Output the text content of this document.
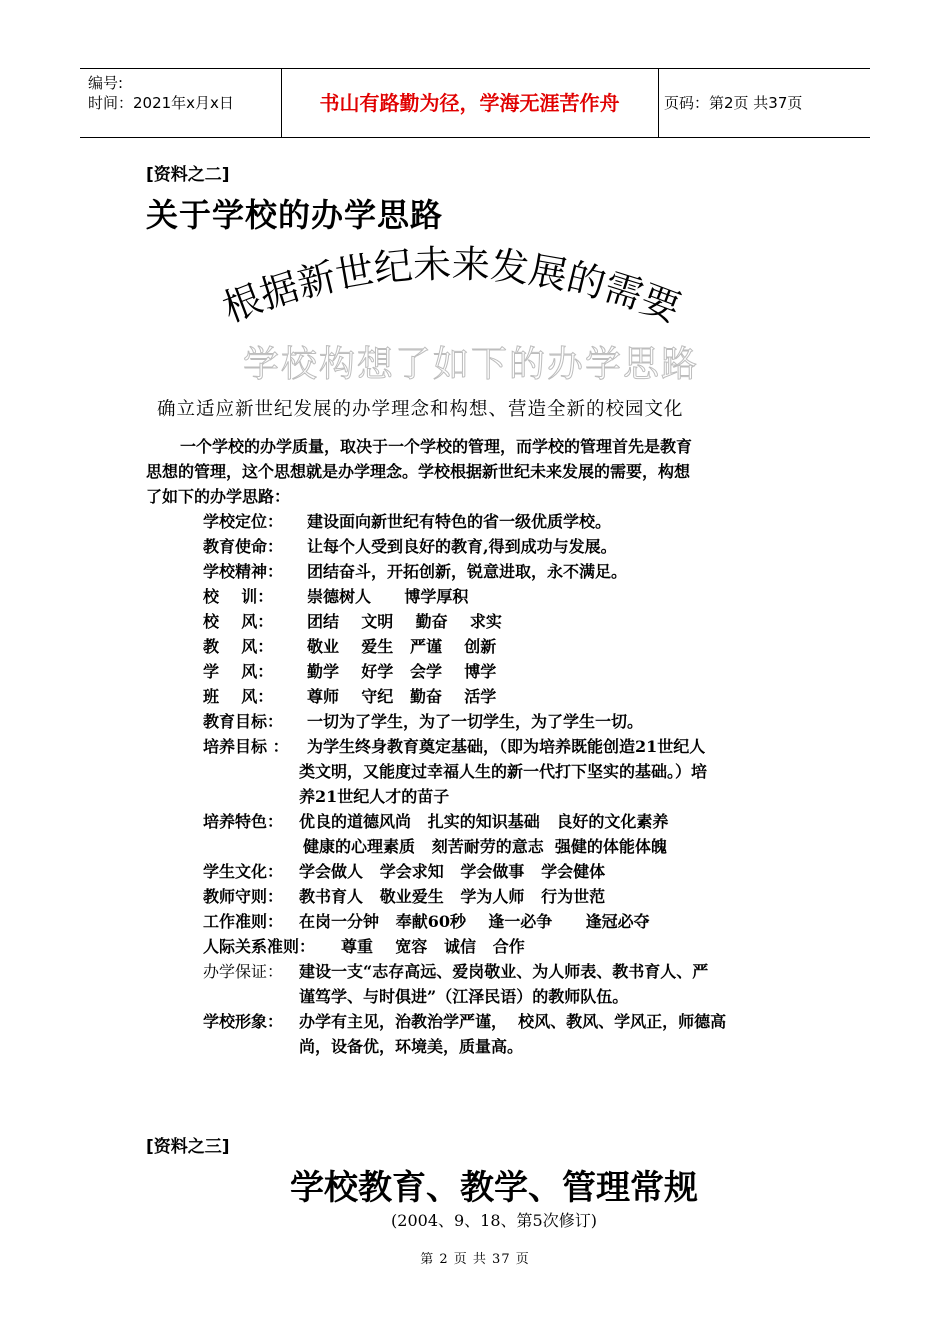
编号:
时间：2021年x月x日	书山有路勤为径，学海无涯苦作舟	页码：第2页 共37页
[资料之二]
关于学校的办学思路
根据新世纪未来发展的需要
学校构想了如下的办学思路
确立适应新世纪发展的办学理念和构想、营造全新的校园文化
一个学校的办学质量，取决于一个学校的管理，而学校的管理首先是教育
思想的管理，这个思想就是办学理念。学校根据新世纪未来发展的需要，构想
了如下的办学思路：
学校定位： 建设面向新世纪有特色的省一级优质学校。
教育使命： 让每个人受到良好的教育,得到成功与发展。
学校精神： 团结奋斗，开拓创新，锐意进取，永不满足。
校    训： 崇德树人      博学厚积
校    风： 团结    文明    勤奋    求实
教    风： 敬业    爱生   严谨    创新
学    风： 勤学    好学   会学    博学
班    风： 尊师    守纪   勤奋    活学
教育目标： 一切为了学生，为了一切学生，为了学生一切。
培养目标 ： 为学生终身教育奠定基础，（即为培养既能创造21世纪人
类文明，又能度过幸福人生的新一代打下坚实的基础。）培
养21世纪人才的苗子
培养特色： 优良的道德风尚   扎实的知识基础   良好的文化素养
健康的心理素质   刻苦耐劳的意志  强健的体能体魄
学生文化： 学会做人   学会求知   学会做事   学会健体
教师守则： 教书育人   敬业爱生   学为人师   行为世范
工作准则： 在岗一分钟   奉献60秒    逢一必争      逢冠必夺
人际关系准则： 尊重    宽容   诚信   合作
办学保证： 建设一支“志存高远、爱岗敬业、为人师表、教书育人、严
谨笃学、与时俱进”（江泽民语）的教师队伍。
学校形象： 办学有主见，治教治学严谨，  校风、教风、学风正，师德高
尚，设备优，环境美，质量高。
[资料之三]
学校教育、教学、管理常规
(2004、9、18、第5次修订)
第 2 页 共 37 页
